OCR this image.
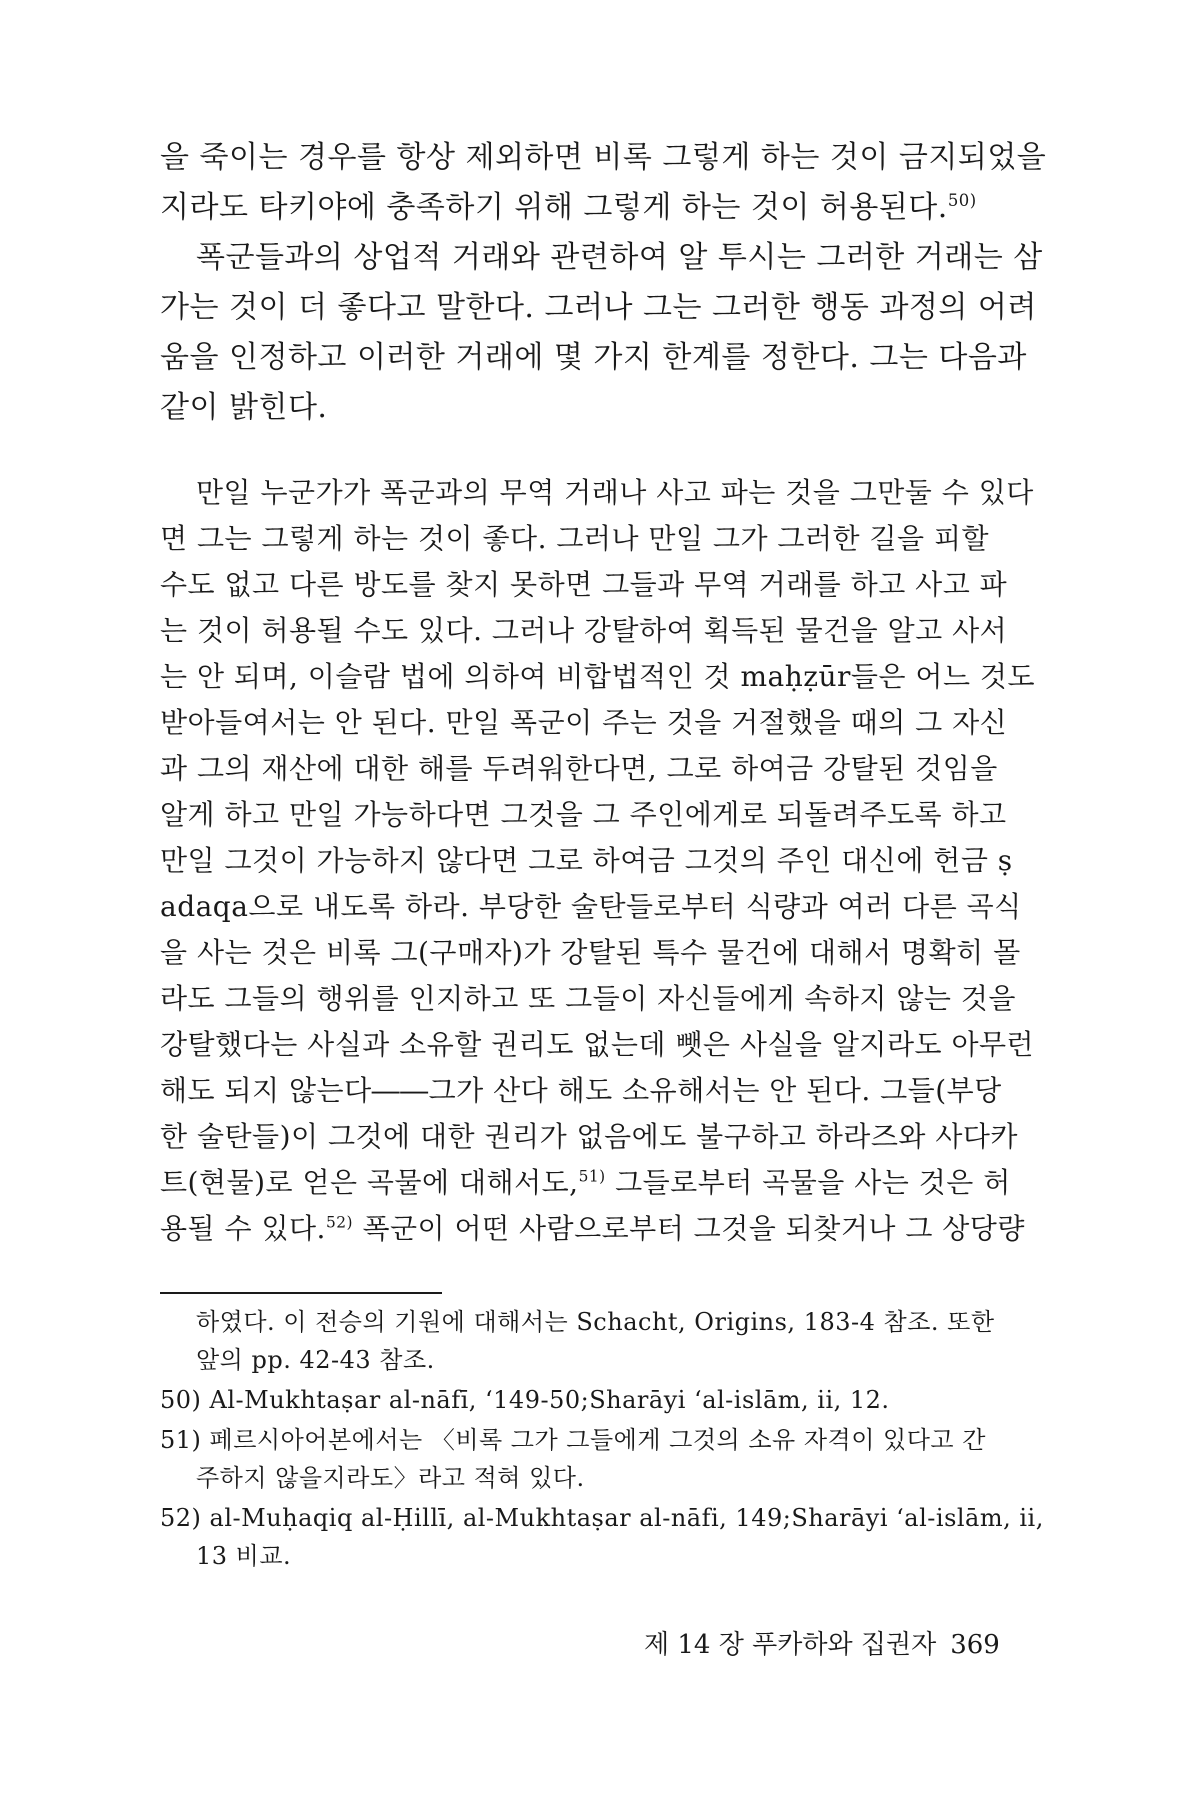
을 죽이는 경우를 항상 제외하면 비록 그렇게 하는 것이 금지되었을
지라도 타키야에 충족하기 위해 그렇게 하는 것이 허용된다.$^{50)}$
폭군들과의 상업적 거래와 관련하여 알 투시는 그러한 거래는 삼
가는 것이 더 좋다고 말한다. 그러나 그는 그러한 행동 과정의 어려
움을 인정하고 이러한 거래에 몇 가지 한계를 정한다. 그는 다음과
같이 밝힌다.
만일 누군가가 폭군과의 무역 거래나 사고 파는 것을 그만둘 수 있다
면 그는 그렇게 하는 것이 좋다. 그러나 만일 그가 그러한 길을 피할
수도 없고 다른 방도를 찾지 못하면 그들과 무역 거래를 하고 사고 파
는 것이 허용될 수도 있다. 그러나 강탈하여 획득된 물건을 알고 사서
는 안 되며, 이슬람 법에 의하여 비합법적인 것 maḥẓūr들은 어느 것도
받아들여서는 안 된다. 만일 폭군이 주는 것을 거절했을 때의 그 자신
과 그의 재산에 대한 해를 두려워한다면, 그로 하여금 강탈된 것임을
알게 하고 만일 가능하다면 그것을 그 주인에게로 되돌려주도록 하고
만일 그것이 가능하지 않다면 그로 하여금 그것의 주인 대신에 헌금 ṣ
adaqa으로 내도록 하라. 부당한 술탄들로부터 식량과 여러 다른 곡식
을 사는 것은 비록 그(구매자)가 강탈된 특수 물건에 대해서 명확히 몰
라도 그들의 행위를 인지하고 또 그들이 자신들에게 속하지 않는 것을
강탈했다는 사실과 소유할 권리도 없는데 뺏은 사실을 알지라도 아무런
해도 되지 않는다――그가 산다 해도 소유해서는 안 된다. 그들(부당
한 술탄들)이 그것에 대한 권리가 없음에도 불구하고 하라즈와 사다카
트(현물)로 얻은 곡물에 대해서도,$^{51)}$ 그들로부터 곡물을 사는 것은 허
용될 수 있다.$^{52)}$ 폭군이 어떤 사람으로부터 그것을 되찾거나 그 상당량
하였다. 이 전승의 기원에 대해서는 Schacht, Origins, 183-4 참조. 또한
앞의 pp. 42-43 참조.
50) Al-Mukhtaṣar al-nāfī, ‘149-50;Sharāyi ‘al-islām, ii, 12.
51) 페르시아어본에서는 〈비록 그가 그들에게 그것의 소유 자격이 있다고 간
주하지 않을지라도〉라고 적혀 있다.
52) al-Muḥaqiq al-Ḥillī, al-Mukhtaṣar al-nāfi, 149;Sharāyi ‘al-islām, ii,
13 비교.
제 14 장 푸카하와 집권자 369
